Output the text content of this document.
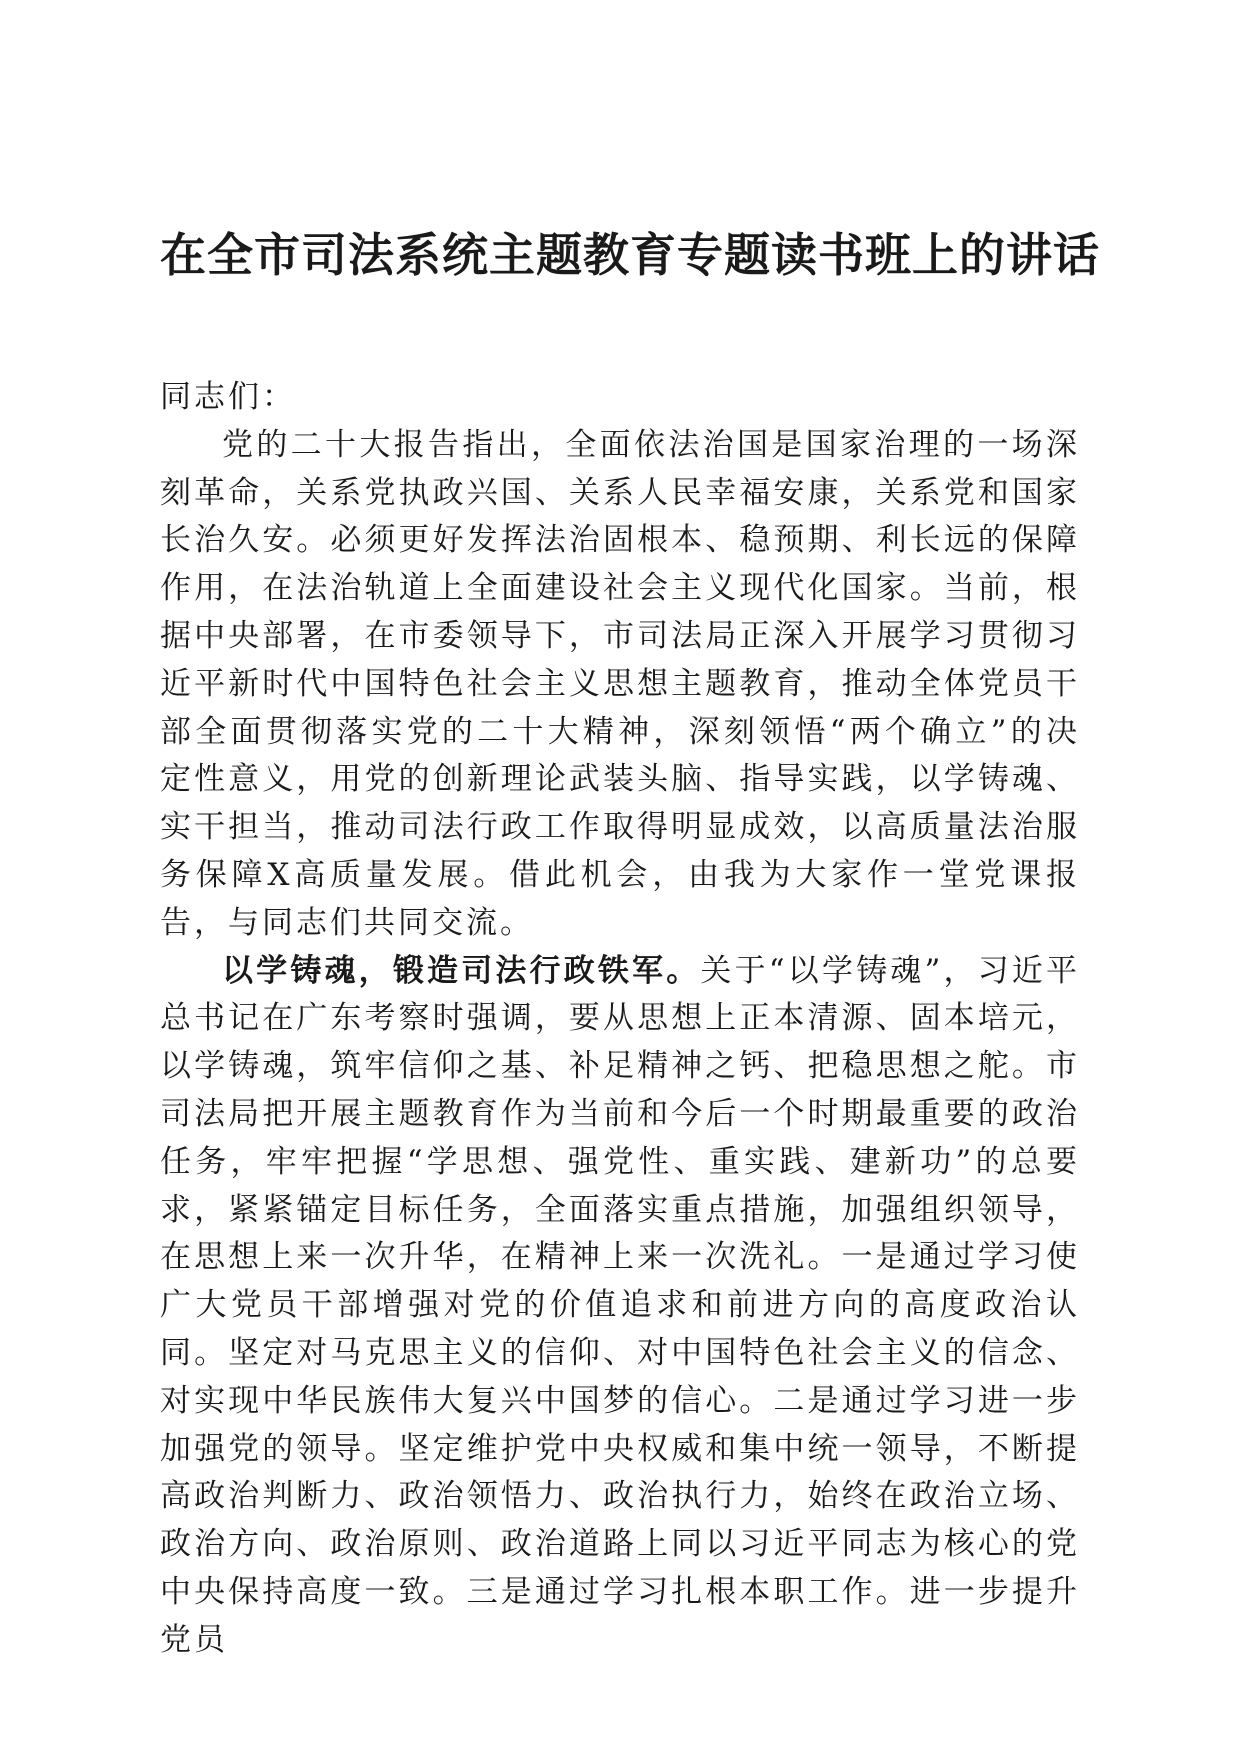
在全市司法系统主题教育专题读书班上的讲话

同志们：

党的二十大报告指出，全面依法治国是国家治理的一场深刻革命，关系党执政兴国、关系人民幸福安康，关系党和国家长治久安。必须更好发挥法治固根本、稳预期、利长远的保障作用，在法治轨道上全面建设社会主义现代化国家。当前，根据中央部署，在市委领导下，市司法局正深入开展学习贯彻习近平新时代中国特色社会主义思想主题教育，推动全体党员干部全面贯彻落实党的二十大精神，深刻领悟“两个确立”的决定性意义，用党的创新理论武装头脑、指导实践，以学铸魂、实干担当，推动司法行政工作取得明显成效，以高质量法治服务保障X高质量发展。借此机会，由我为大家作一堂党课报告，与同志们共同交流。

以学铸魂，锻造司法行政铁军。关于“以学铸魂”，习近平总书记在广东考察时强调，要从思想上正本清源、固本培元，以学铸魂，筑牢信仰之基、补足精神之钙、把稳思想之舵。市司法局把开展主题教育作为当前和今后一个时期最重要的政治任务，牢牢把握“学思想、强党性、重实践、建新功”的总要求，紧紧锚定目标任务，全面落实重点措施，加强组织领导，在思想上来一次升华，在精神上来一次洗礼。一是通过学习使广大党员干部增强对党的价值追求和前进方向的高度政治认同。坚定对马克思主义的信仰、对中国特色社会主义的信念、对实现中华民族伟大复兴中国梦的信心。二是通过学习进一步加强党的领导。坚定维护党中央权威和集中统一领导，不断提高政治判断力、政治领悟力、政治执行力，始终在政治立场、政治方向、政治原则、政治道路上同以习近平同志为核心的党中央保持高度一致。三是通过学习扎根本职工作。进一步提升党员
